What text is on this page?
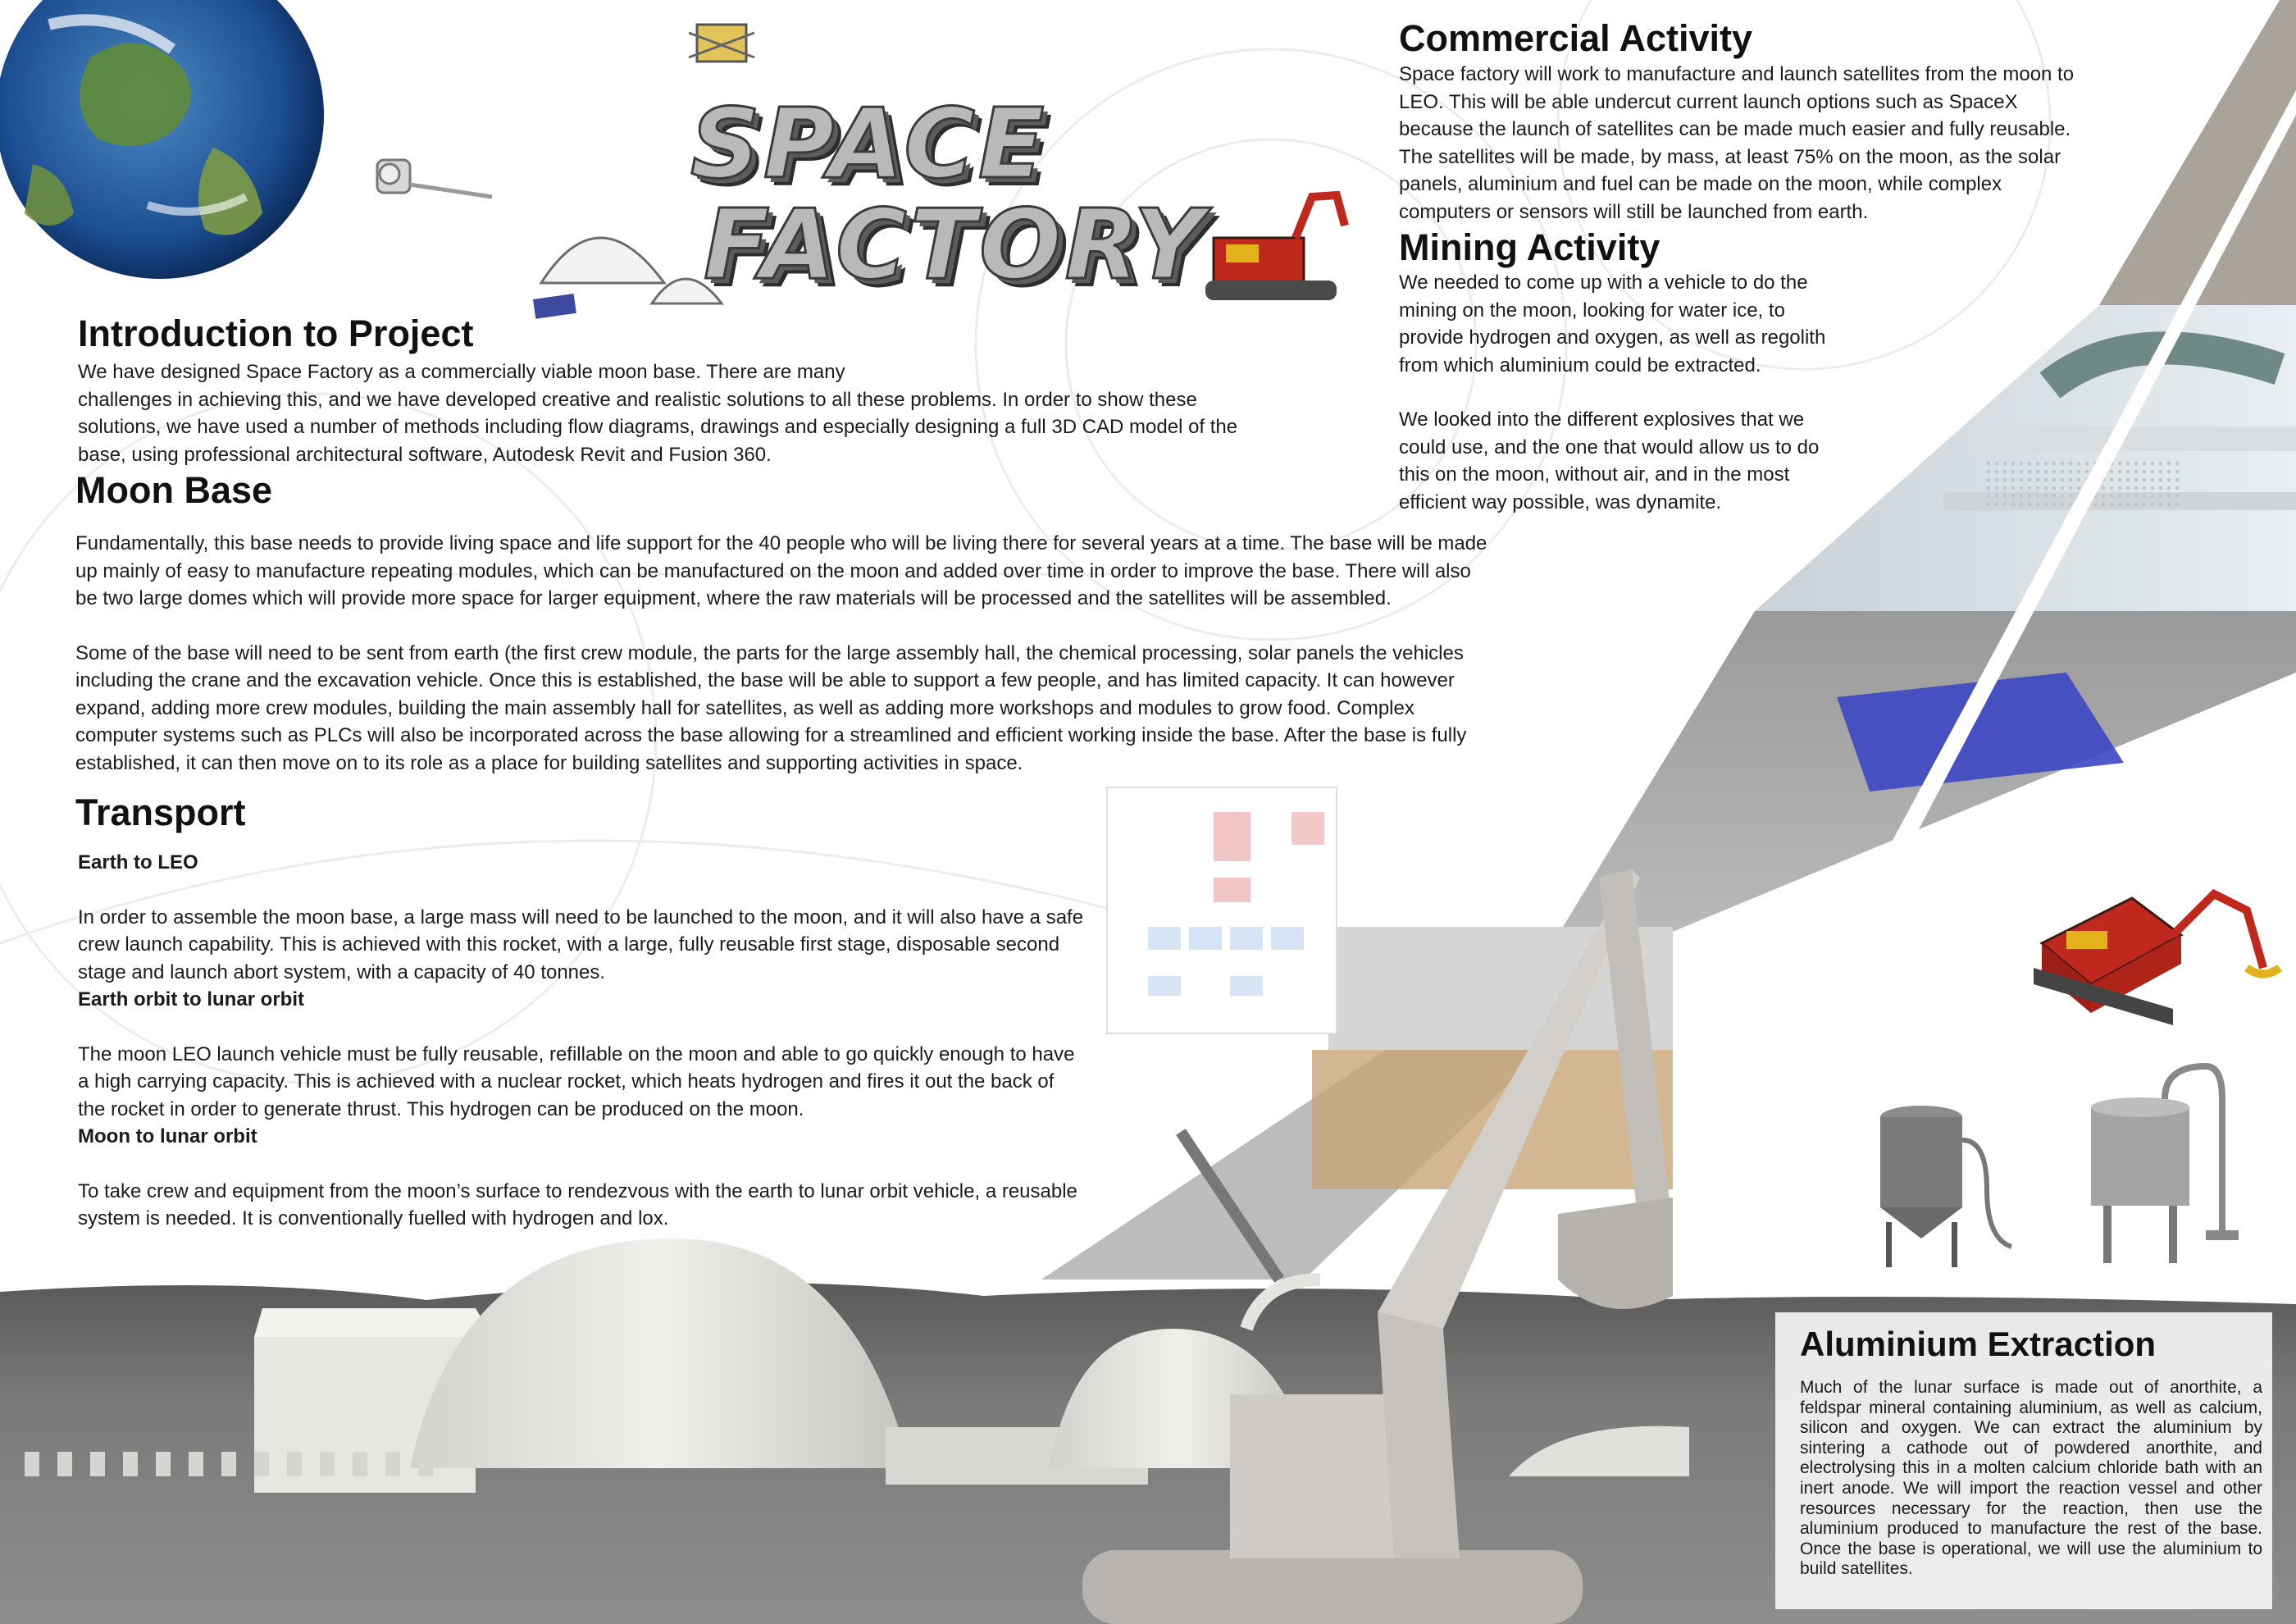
SPACE
FACTORY
Introduction to Project

We have designed Space Factory as a commercially viable moon base. There are many

challenges in achieving this, and we have developed creative and realistic solutions to all these problems. In order to show these

solutions, we have used a number of methods including flow diagrams, drawings and especially designing a full 3D CAD model of the

base, using professional architectural software, Autodesk Revit and Fusion 360.

Moon Base

Fundamentally, this base needs to provide living space and life support for the 40 people who will be living there for several years at a time. The base will be made

up mainly of easy to manufacture repeating modules, which can be manufactured on the moon and added over time in order to improve the base. There will also

be two large domes which will provide more space for larger equipment, where the raw materials will be processed and the satellites will be assembled.

Some of the base will need to be sent from earth (the first crew module, the parts for the large assembly hall, the chemical processing, solar panels the vehicles

including the crane and the excavation vehicle. Once this is established, the base will be able to support a few people, and has limited capacity. It can however

expand, adding more crew modules, building the main assembly hall for satellites, as well as adding more workshops and modules to grow food. Complex

computer systems such as PLCs will also be incorporated across the base allowing for a streamlined and efficient working inside the base. After the base is fully

established, it can then move on to its role as a place for building satellites and supporting activities in space.

Transport

Earth to LEO

In order to assemble the moon base, a large mass will need to be launched to the moon, and it will also have a safe

crew launch capability. This is achieved with this rocket, with a large, fully reusable first stage, disposable second

stage and launch abort system, with a capacity of 40 tonnes.

Earth orbit to lunar orbit

The moon LEO launch vehicle must be fully reusable, refillable on the moon and able to go quickly enough to have

a high carrying capacity. This is achieved with a nuclear rocket, which heats hydrogen and fires it out the back of

the rocket in order to generate thrust. This hydrogen can be produced on the moon.

Moon to lunar orbit

To take crew and equipment from the moon’s surface to rendezvous with the earth to lunar orbit vehicle, a reusable

system is needed. It is conventionally fuelled with hydrogen and lox.

Commercial Activity

Space factory will work to manufacture and launch satellites from the moon to

LEO. This will be able undercut current launch options such as SpaceX

because the launch of satellites can be made much easier and fully reusable.

The satellites will be made, by mass, at least 75% on the moon, as the solar

panels, aluminium and fuel can be made on the moon, while complex

computers or sensors will still be launched from earth.

Mining Activity

We needed to come up with a vehicle to do the

mining on the moon, looking for water ice, to

provide hydrogen and oxygen, as well as regolith

from which aluminium could be extracted.

We looked into the different explosives that we

could use, and the one that would allow us to do

this on the moon, without air, and in the most

efficient way possible, was dynamite.

Aluminium Extraction

Much of the lunar surface is made out of anorthite, a feldspar mineral containing aluminium, as well as calcium, silicon and oxygen. We can extract the aluminium by sintering a cathode out of powdered anorthite, and electrolysing this in a molten calcium chloride bath with an inert anode. We will import the reaction vessel and other resources necessary for the reaction, then use the aluminium produced to manufacture the rest of the base. Once the base is operational, we will use the aluminium to build satellites.
